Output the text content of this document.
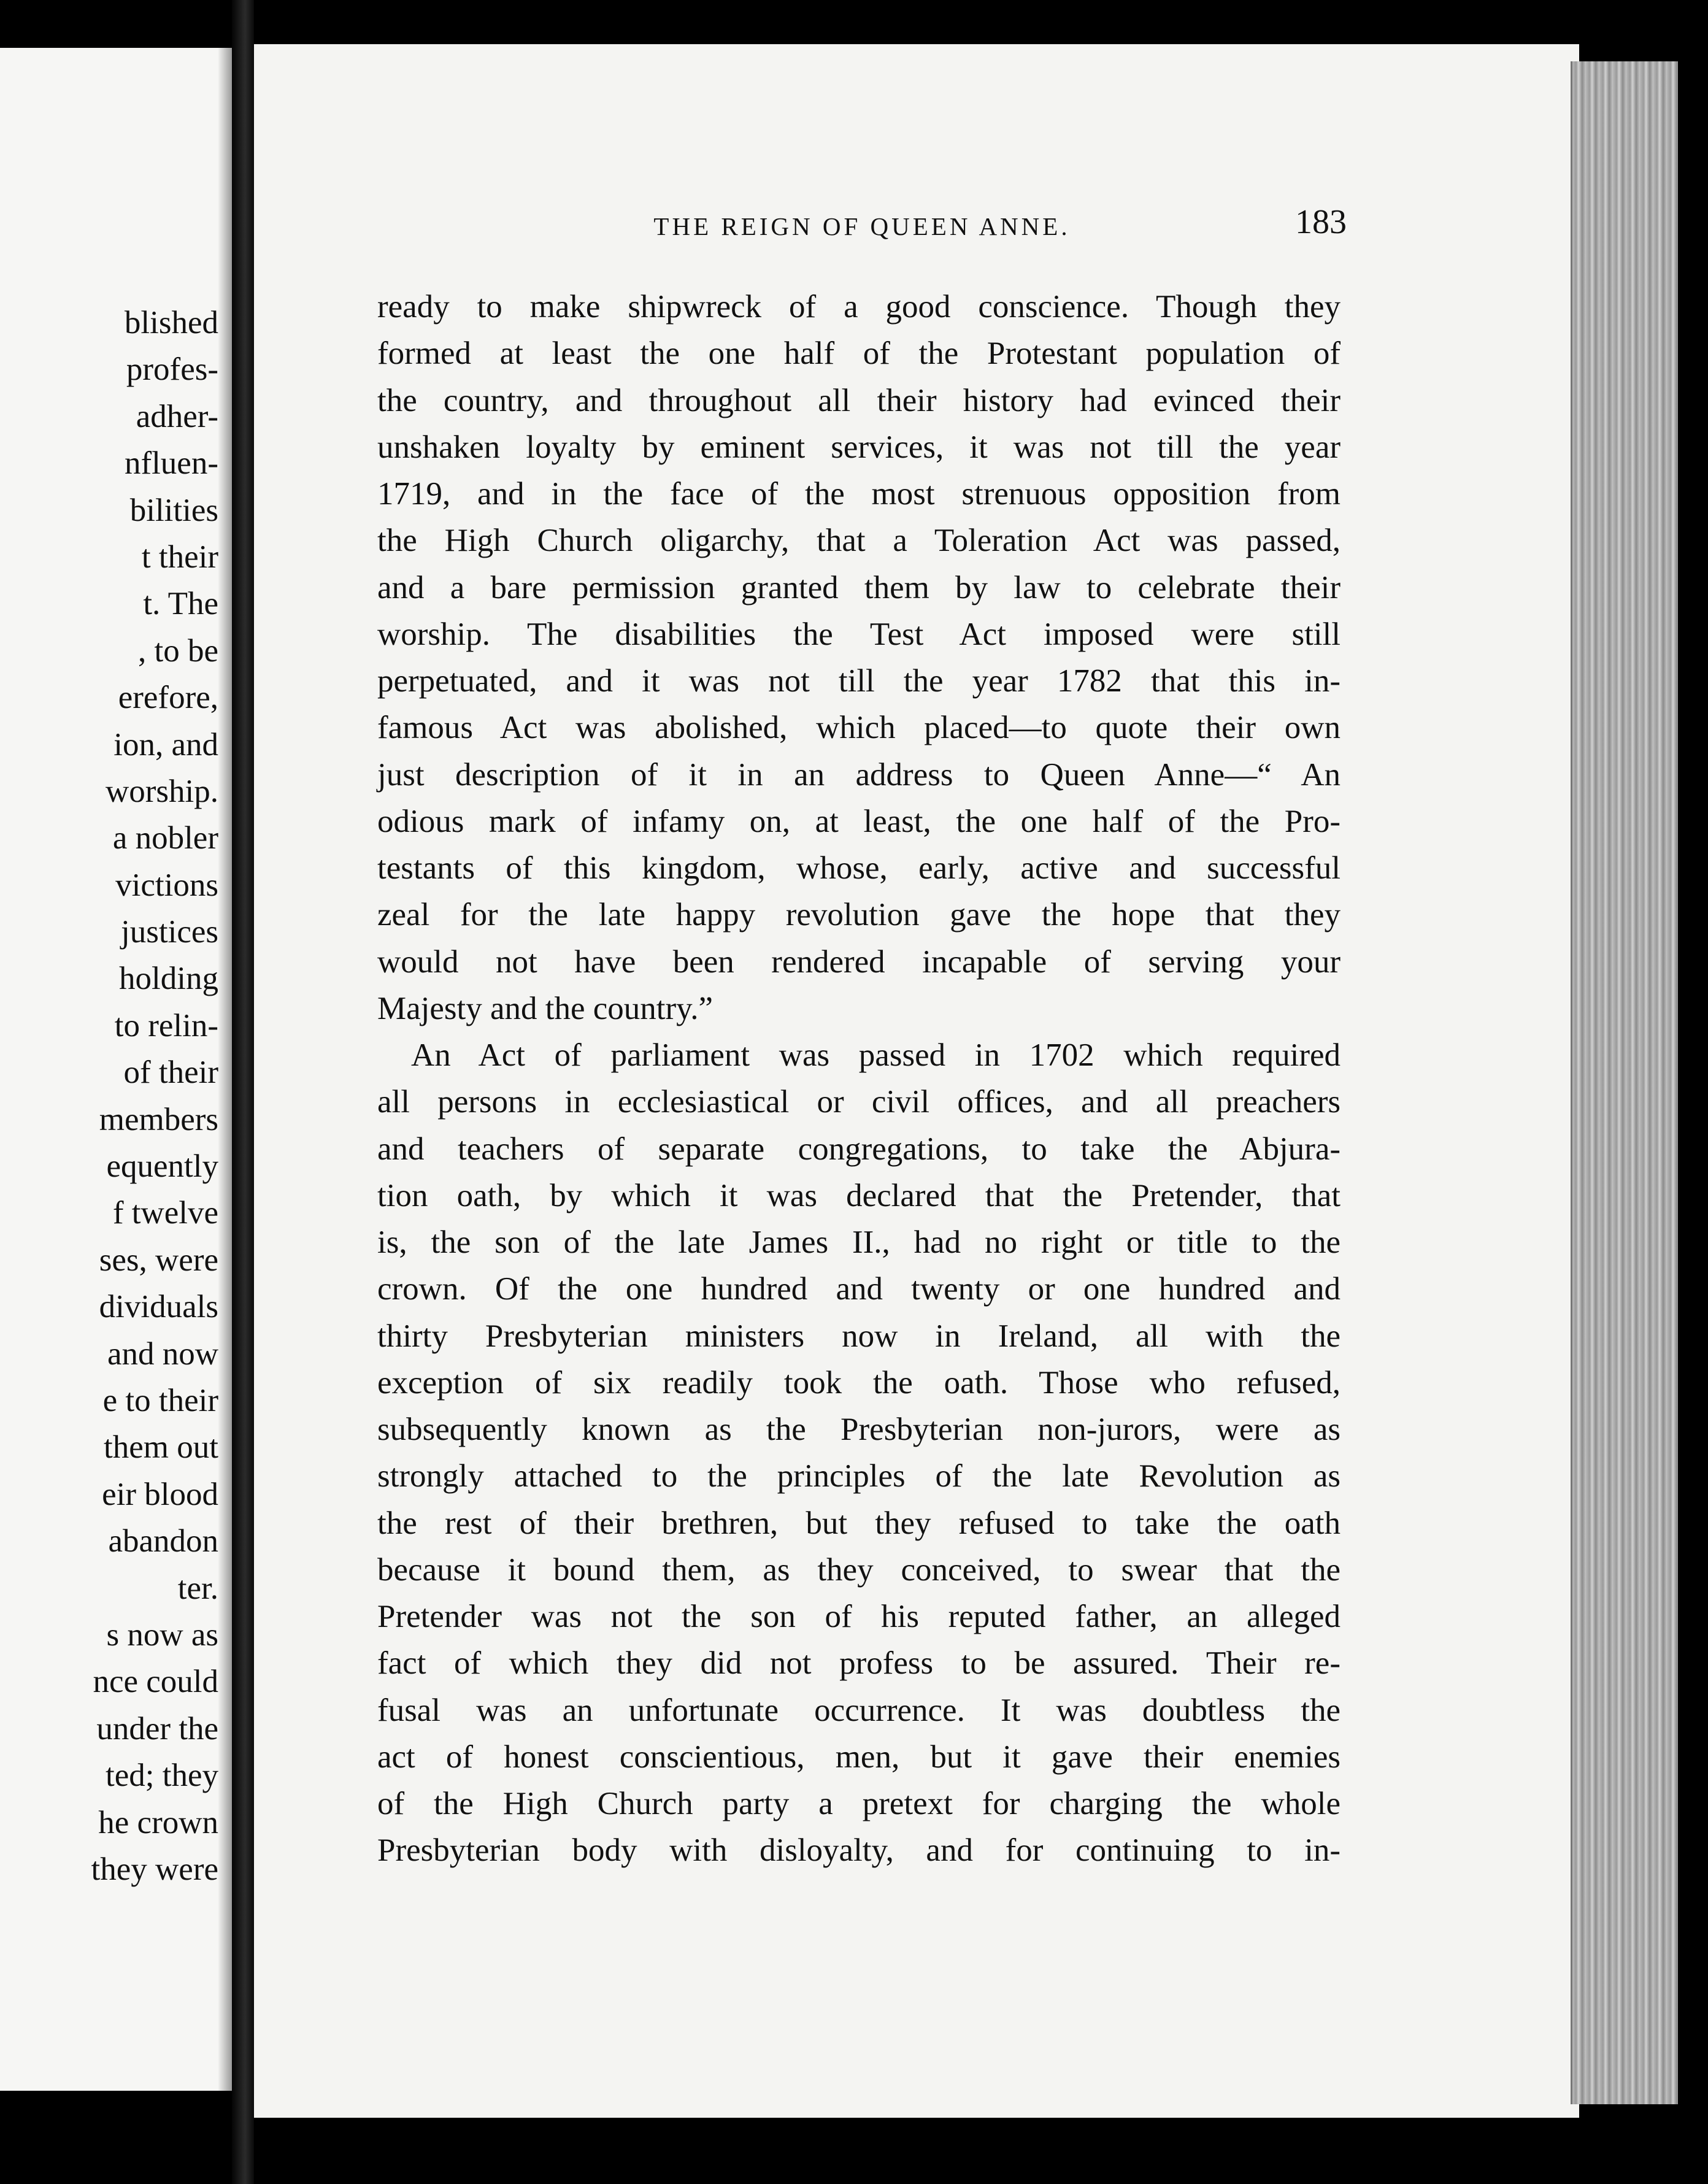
blished
profes-
adher-
nfluen-
bilities
t their
t. The
, to be
erefore,
ion, and
worship.
a nobler
victions
justices
holding
to relin-
of their
members
equently
f twelve
ses, were
dividuals
and now
e to their
them out
eir blood
abandon
ter.
s now as
nce could
under the
ted; they
he crown
they were
THE REIGN OF QUEEN ANNE.	183
ready to make shipwreck of a good conscience. Though they
formed at least the one half of the Protestant population of
the country, and throughout all their history had evinced their
unshaken loyalty by eminent services, it was not till the year
1719, and in the face of the most strenuous opposition from
the High Church oligarchy, that a Toleration Act was passed,
and a bare permission granted them by law to celebrate their
worship. The disabilities the Test Act imposed were still
perpetuated, and it was not till the year 1782 that this in-
famous Act was abolished, which placed—to quote their own
just description of it in an address to Queen Anne—“ An
odious mark of infamy on, at least, the one half of the Pro-
testants of this kingdom, whose, early, active and successful
zeal for the late happy revolution gave the hope that they
would not have been rendered incapable of serving your
Majesty and the country.”
An Act of parliament was passed in 1702 which required
all persons in ecclesiastical or civil offices, and all preachers
and teachers of separate congregations, to take the Abjura-
tion oath, by which it was declared that the Pretender, that
is, the son of the late James II., had no right or title to the
crown. Of the one hundred and twenty or one hundred and
thirty Presbyterian ministers now in Ireland, all with the
exception of six readily took the oath. Those who refused,
subsequently known as the Presbyterian non-jurors, were as
strongly attached to the principles of the late Revolution as
the rest of their brethren, but they refused to take the oath
because it bound them, as they conceived, to swear that the
Pretender was not the son of his reputed father, an alleged
fact of which they did not profess to be assured. Their re-
fusal was an unfortunate occurrence. It was doubtless the
act of honest conscientious, men, but it gave their enemies
of the High Church party a pretext for charging the whole
Presbyterian body with disloyalty, and for continuing to in-
